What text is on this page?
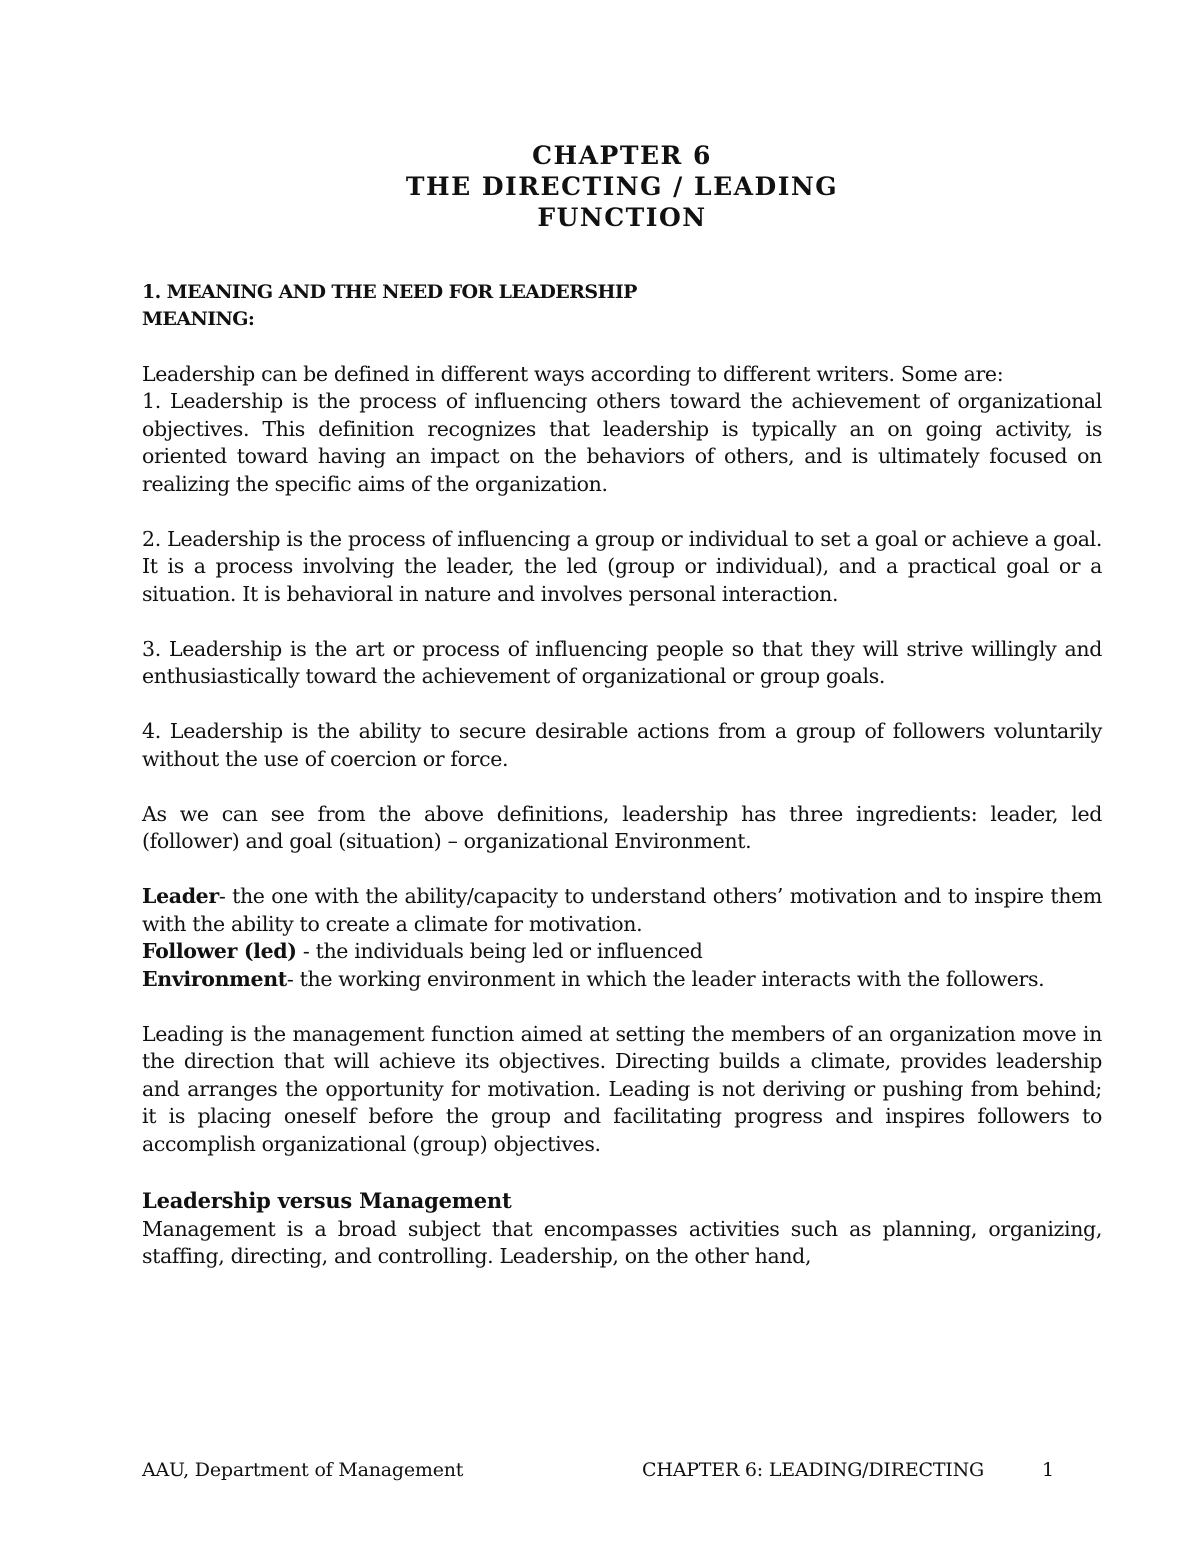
CHAPTER 6
THE DIRECTING / LEADING
FUNCTION

1. MEANING AND THE NEED FOR LEADERSHIP

MEANING:

Leadership can be defined in different ways according to different writers. Some are:

1. Leadership is the process of influencing others toward the achievement of organizational objectives. This definition recognizes that leadership is typically an on going activity, is oriented toward having an impact on the behaviors of others, and is ultimately focused on realizing the specific aims of the organization.

2. Leadership is the process of influencing a group or individual to set a goal or achieve a goal. It is a process involving the leader, the led (group or individual), and a practical goal or a situation. It is behavioral in nature and involves personal interaction.

3. Leadership is the art or process of influencing people so that they will strive willingly and enthusiastically toward the achievement of organizational or group goals.

4. Leadership is the ability to secure desirable actions from a group of followers voluntarily without the use of coercion or force.

As we can see from the above definitions, leadership has three ingredients: leader, led (follower) and goal (situation) – organizational Environment.

Leader- the one with the ability/capacity to understand others’ motivation and to inspire them with the ability to create a climate for motivation.

Follower (led) - the individuals being led or influenced

Environment- the working environment in which the leader interacts with the followers.

Leading is the management function aimed at setting the members of an organization move in the direction that will achieve its objectives. Directing builds a climate, provides leadership and arranges the opportunity for motivation. Leading is not deriving or pushing from behind; it is placing oneself before the group and facilitating progress and inspires followers to accomplish organizational (group) objectives.

Leadership versus Management

Management is a broad subject that encompasses activities such as planning, organizing, staffing, directing, and controlling. Leadership, on the other hand,

AAU, Department of Management	CHAPTER 6: LEADING/DIRECTING	1
